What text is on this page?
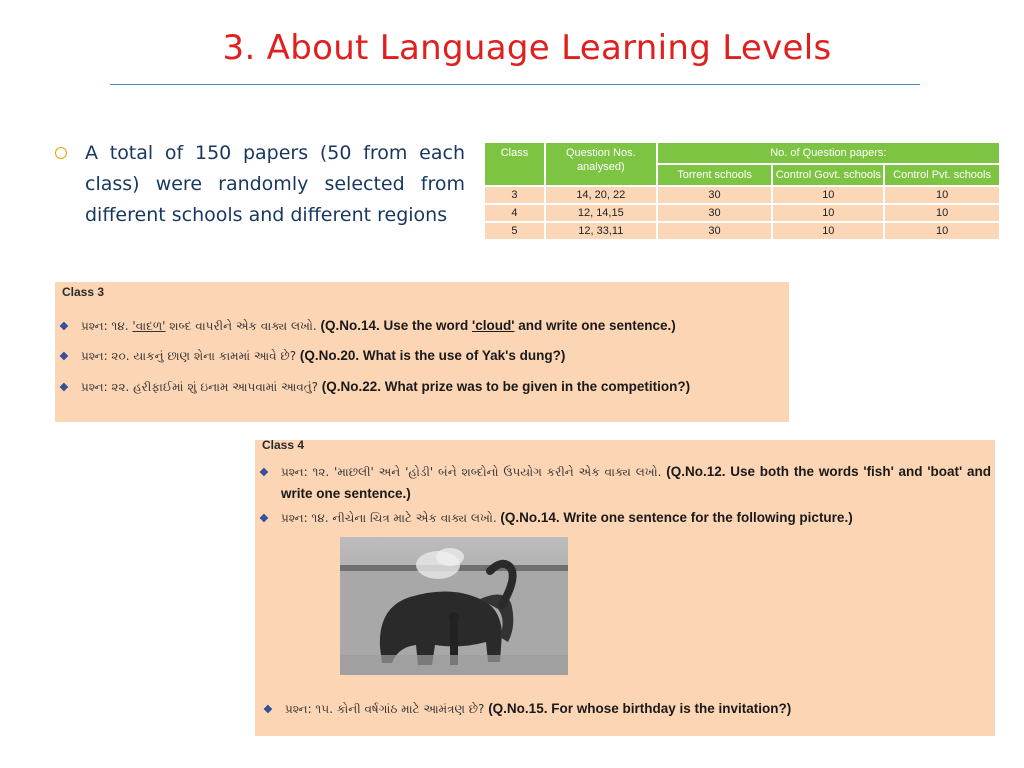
3. About Language Learning Levels

A total of 150 papers (50 from each class) were randomly selected from different schools and different regions

Class	Question Nos. analysed)	No. of Question papers:		
		Torrent schools	Control Govt. schools	Control Pvt. schools
3	14, 20, 22	30	10	10
4	12, 14,15	30	10	10
5	12, 33,11	30	10	10
Class 3
❖	પ્રશ્ન: ૧૪. 'વાદળ' શબ્દ વાપરીને એક વાક્ય લખો. (Q.No.14. Use the word 'cloud' and write one sentence.)
❖	પ્રશ્ન: ૨૦. યાકનું છાણ શેના કામમાં આવે છે? (Q.No.20. What is the use of Yak's dung?)
❖	પ્રશ્ન: ૨૨. હરીફાઈમાં શું ઇનામ આપવામાં આવતું? (Q.No.22. What prize was to be given in the competition?)
Class 4
❖	પ્રશ્ન: ૧૨. 'માછલી' અને 'હોડી' બંને શબ્દોનો ઉપયોગ કરીને એક વાક્ય લખો. (Q.No.12. Use both the words 'fish' and 'boat' and write one sentence.)
❖	પ્રશ્ન: ૧૪. નીચેના ચિત્ર માટે એક વાક્ય લખો. (Q.No.14. Write one sentence for the following picture.)
❖	પ્રશ્ન: ૧૫. કોની વર્ષગાંઠ માટે આમંત્રણ છે? (Q.No.15. For whose birthday is the invitation?)
